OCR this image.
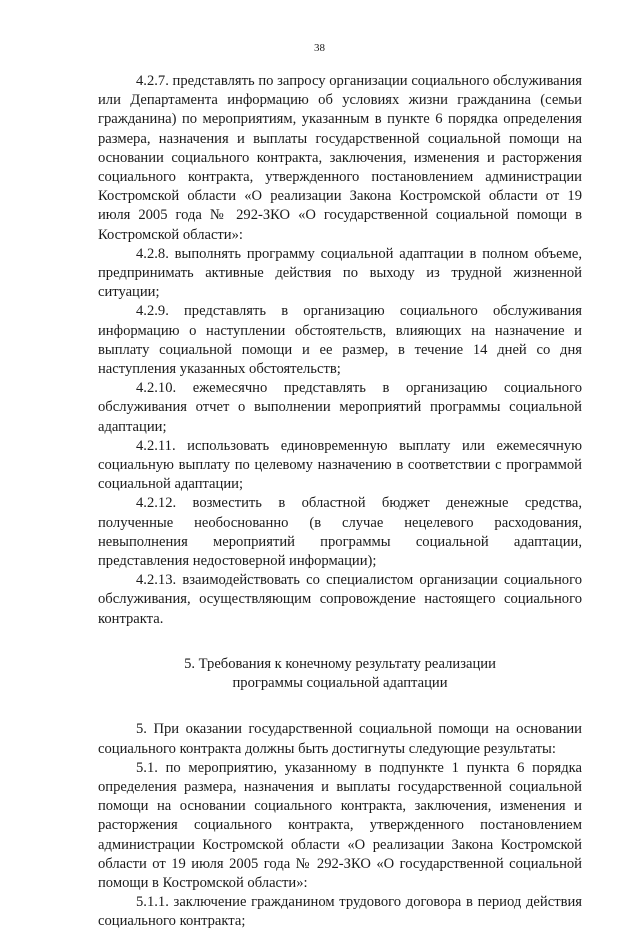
38

4.2.7. представлять по запросу организации социального обслуживания или Департамента информацию об условиях жизни гражданина (семьи гражданина) по мероприятиям, указанным в пункте 6 порядка определения размера, назначения и выплаты государственной социальной помощи на основании социального контракта, заключения, изменения и расторжения социального контракта, утвержденного постановлением администрации Костромской области «О реализации Закона Костромской области от 19 июля 2005 года № 292-ЗКО «О государственной социальной помощи в Костромской области»:

4.2.8. выполнять программу социальной адаптации в полном объеме, предпринимать активные действия по выходу из трудной жизненной ситуации;

4.2.9. представлять в организацию социального обслуживания информацию о наступлении обстоятельств, влияющих на назначение и выплату социальной помощи и ее размер, в течение 14 дней со дня наступления указанных обстоятельств;

4.2.10. ежемесячно представлять в организацию социального обслуживания отчет о выполнении мероприятий программы социальной адаптации;

4.2.11. использовать единовременную выплату или ежемесячную социальную выплату по целевому назначению в соответствии с программой социальной адаптации;

4.2.12. возместить в областной бюджет денежные средства, полученные необоснованно (в случае нецелевого расходования, невыполнения мероприятий программы социальной адаптации, представления недостоверной информации);

4.2.13. взаимодействовать со специалистом организации социального обслуживания, осуществляющим сопровождение настоящего социального контракта.

5. Требования к конечному результату реализации
программы социальной адаптации

5. При оказании государственной социальной помощи на основании социального контракта должны быть достигнуты следующие результаты:

5.1. по мероприятию, указанному в подпункте 1 пункта 6 порядка определения размера, назначения и выплаты государственной социальной помощи на основании социального контракта, заключения, изменения и расторжения социального контракта, утвержденного постановлением администрации Костромской области «О реализации Закона Костромской области от 19 июля 2005 года № 292-ЗКО «О государственной социальной помощи в Костромской области»:

5.1.1. заключение гражданином трудового договора в период действия социального контракта;
